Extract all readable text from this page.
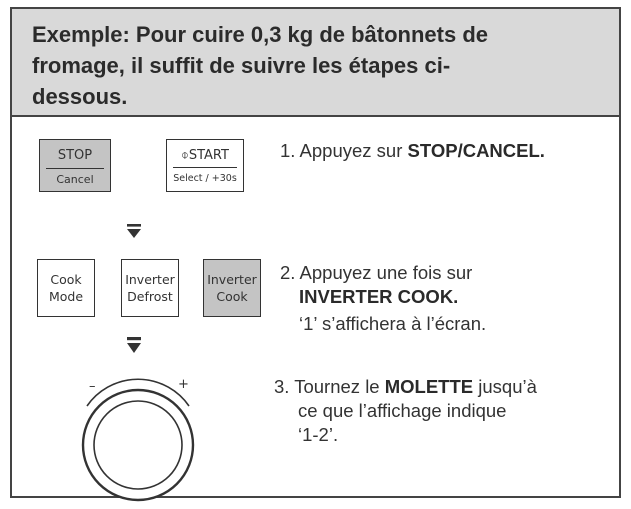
Exemple: Pour cuire 0,3 kg de bâtonnets de

fromage, il suffit de suivre les étapes ci-

dessous.

STOP
Cancel
⌽START
Select / +30s
Cook
Mode
Inverter
Defrost
Inverter
Cook
–	+
1. Appuyez sur STOP/CANCEL.
2. Appuyez une fois sur
INVERTER COOK.
‘1’ s’affichera à l’écran.
3. Tournez le MOLETTE jusqu’à
ce que l’affichage indique
‘1-2’.
